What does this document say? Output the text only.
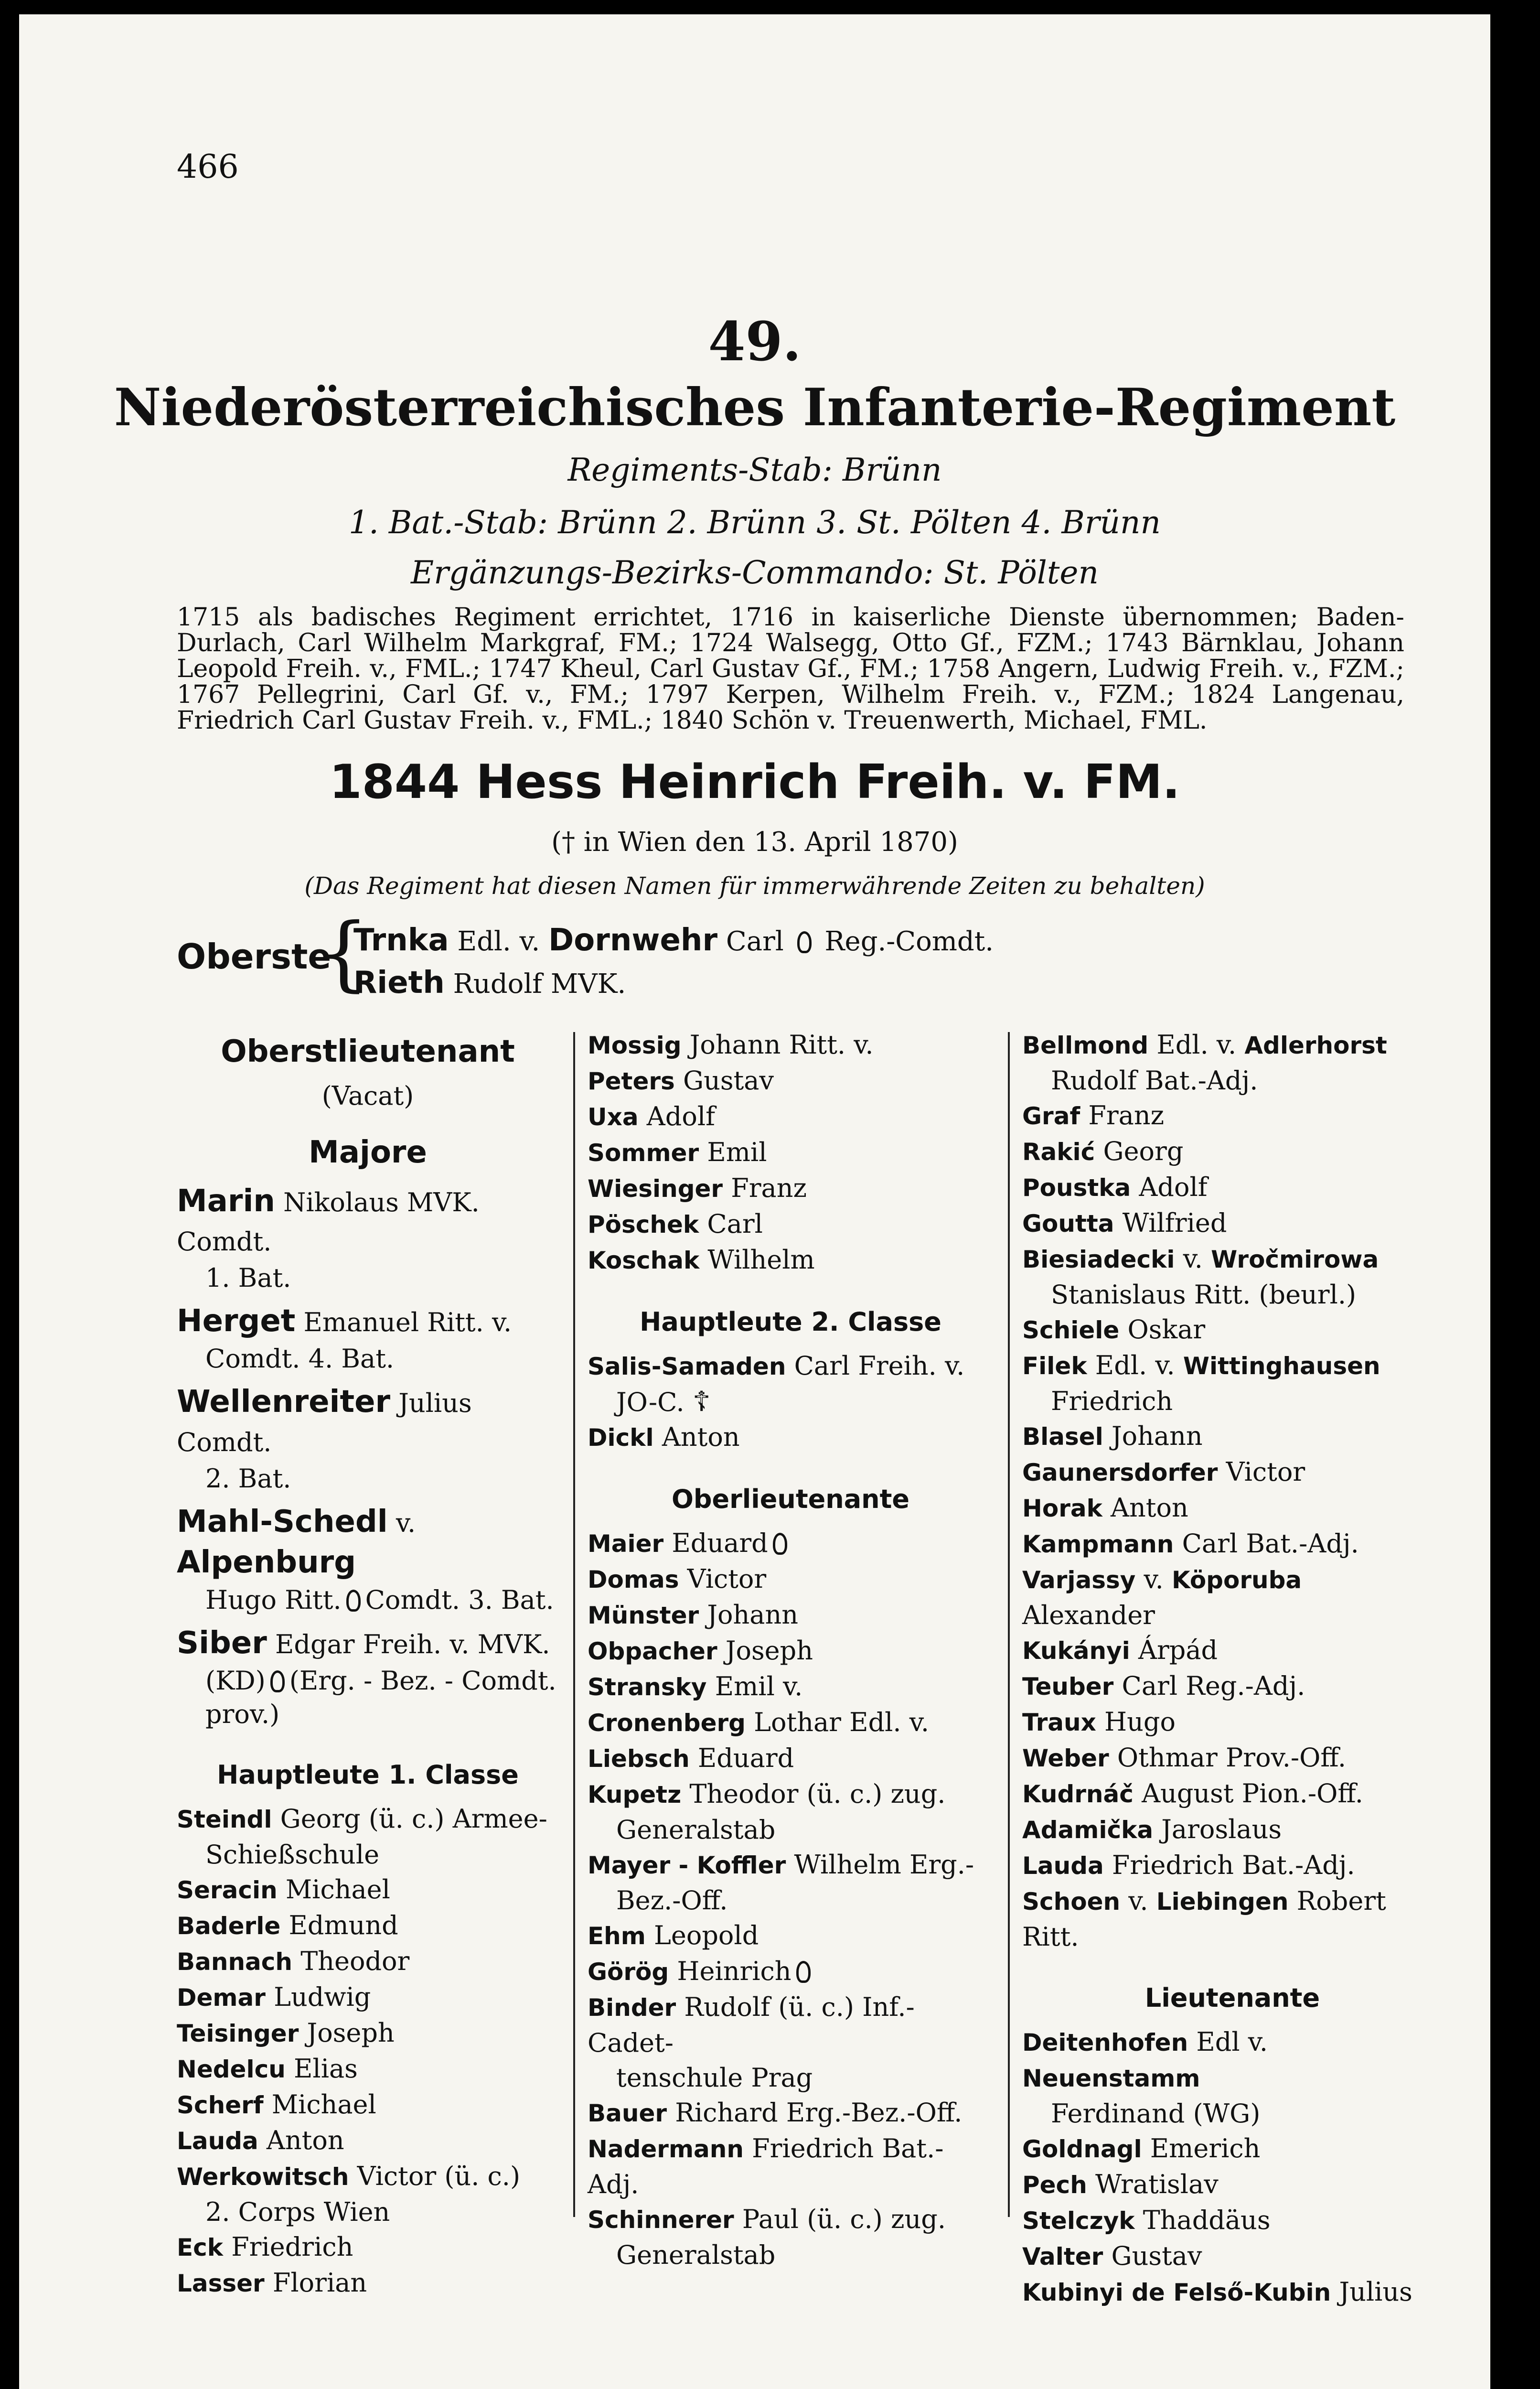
466
49.
Niederösterreichisches Infanterie-Regiment
Regiments-Stab: Brünn
1. Bat.-Stab: Brünn 2. Brünn 3. St. Pölten 4. Brünn
Ergänzungs-Bezirks-Commando: St. Pölten
1715 als badisches Regiment errichtet, 1716 in kaiserliche Dienste übernommen; Baden-Durlach, Carl Wilhelm Markgraf, FM.; 1724 Walsegg, Otto Gf., FZM.; 1743 Bärnklau, Johann Leopold Freih. v., FML.; 1747 Kheul, Carl Gustav Gf., FM.; 1758 Angern, Ludwig Freih. v., FZM.; 1767 Pellegrini, Carl Gf. v., FM.; 1797 Kerpen, Wilhelm Freih. v., FZM.; 1824 Langenau, Friedrich Carl Gustav Freih. v., FML.; 1840 Schön v. Treuenwerth, Michael, FML.
1844 Hess Heinrich Freih. v. FM.
(† in Wien den 13. April 1870)
(Das Regiment hat diesen Namen für immerwährende Zeiten zu behalten)
Oberste
{
Trnka Edl. v. Dornwehr Carl Reg.-Comdt.
Rieth Rudolf MVK.
Oberstlieutenant
(Vacat)
Majore
Marin Nikolaus MVK. Comdt.
1. Bat.
Herget Emanuel Ritt. v.
Comdt. 4. Bat.
Wellenreiter Julius Comdt.
2. Bat.
Mahl-Schedl v. Alpenburg
Hugo Ritt. Comdt. 3. Bat.
Siber Edgar Freih. v. MVK.
(KD) (Erg. - Bez. - Comdt.
prov.)
Hauptleute 1. Classe
Steindl Georg (ü. c.) Armee-
Schießschule
Seracin Michael
Baderle Edmund
Bannach Theodor
Demar Ludwig
Teisinger Joseph
Nedelcu Elias
Scherf Michael
Lauda Anton
Werkowitsch Victor (ü. c.)
2. Corps Wien
Eck Friedrich
Lasser Florian
Mossig Johann Ritt. v.
Peters Gustav
Uxa Adolf
Sommer Emil
Wiesinger Franz
Pöschek Carl
Koschak Wilhelm
Hauptleute 2. Classe
Salis-Samaden Carl Freih. v.
JO-C. ☦
Dickl Anton
Oberlieutenante
Maier Eduard
Domas Victor
Münster Johann
Obpacher Joseph
Stransky Emil v.
Cronenberg Lothar Edl. v.
Liebsch Eduard
Kupetz Theodor (ü. c.) zug.
Generalstab
Mayer - Koffler Wilhelm Erg.-
Bez.-Off.
Ehm Leopold
Görög Heinrich
Binder Rudolf (ü. c.) Inf.-Cadet-
tenschule Prag
Bauer Richard Erg.-Bez.-Off.
Nadermann Friedrich Bat.-Adj.
Schinnerer Paul (ü. c.) zug.
Generalstab
Bellmond Edl. v. Adlerhorst
Rudolf Bat.-Adj.
Graf Franz
Rakić Georg
Poustka Adolf
Goutta Wilfried
Biesiadecki v. Wročmirowa
Stanislaus Ritt. (beurl.)
Schiele Oskar
Filek Edl. v. Wittinghausen
Friedrich
Blasel Johann
Gaunersdorfer Victor
Horak Anton
Kampmann Carl Bat.-Adj.
Varjassy v. Köporuba Alexander
Kukányi Árpád
Teuber Carl Reg.-Adj.
Traux Hugo
Weber Othmar Prov.-Off.
Kudrnáč August Pion.-Off.
Adamička Jaroslaus
Lauda Friedrich Bat.-Adj.
Schoen v. Liebingen Robert Ritt.
Lieutenante
Deitenhofen Edl v. Neuenstamm
Ferdinand (WG)
Goldnagl Emerich
Pech Wratislav
Stelczyk Thaddäus
Valter Gustav
Kubinyi de Felső-Kubin Julius
